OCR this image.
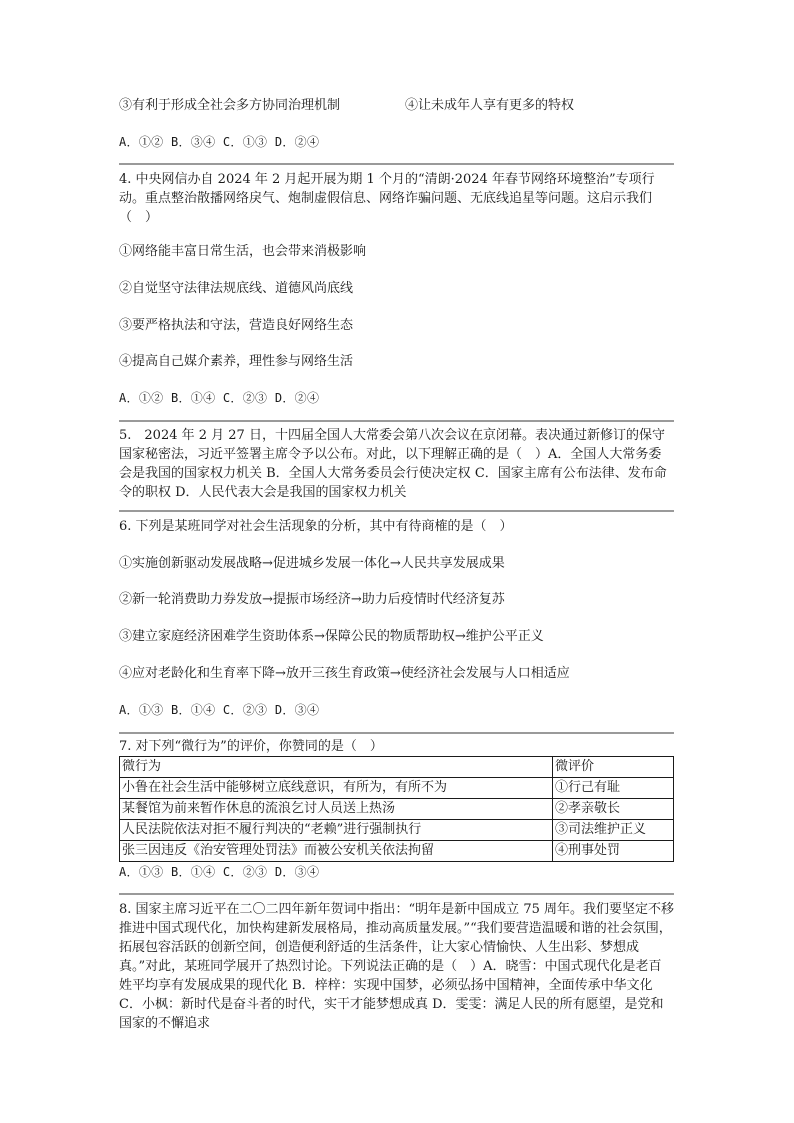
③有利于形成全社会多方协同治理机制	④让未成年人享有更多的特权
A．①② B．③④ C．①③ D．②④
4. 中央网信办自 2024 年 2 月起开展为期 1 个月的“清朗·2024 年春节网络环境整治”专项行动。重点整治散播网络戾气、炮制虚假信息、网络诈骗问题、无底线追星等问题。这启示我们（　）
①网络能丰富日常生活，也会带来消极影响
②自觉坚守法律法规底线、道德风尚底线
③要严格执法和守法，营造良好网络生态
④提高自己媒介素养，理性参与网络生活
A．①② B．①④ C．②③ D．②④
5.　2024 年 2 月 27 日，十四届全国人大常委会第八次会议在京闭幕。表决通过新修订的保守国家秘密法，习近平签署主席令予以公布。对此，以下理解正确的是（　）A．全国人大常务委会是我国的国家权力机关 B．全国人大常务委员会行使决定权 C．国家主席有公布法律、发布命令的职权 D．人民代表大会是我国的国家权力机关
6. 下列是某班同学对社会生活现象的分析，其中有待商榷的是（　）
①实施创新驱动发展战略→促进城乡发展一体化→人民共享发展成果
②新一轮消费助力券发放→提振市场经济→助力后疫情时代经济复苏
③建立家庭经济困难学生资助体系→保障公民的物质帮助权→维护公平正义
④应对老龄化和生育率下降→放开三孩生育政策→使经济社会发展与人口相适应
A．①③ B．①④ C．②③ D．③④
7. 对下列“微行为”的评价，你赞同的是（　）
微行为	微评价
小鲁在社会生活中能够树立底线意识，有所为，有所不为	①行己有耻
某餐馆为前来暂作休息的流浪乞讨人员送上热汤	②孝亲敬长
人民法院依法对拒不履行判决的“老赖”进行强制执行	③司法维护正义
张三因违反《治安管理处罚法》而被公安机关依法拘留	④刑事处罚
A．①③ B．①④ C．②③ D．③④
8. 国家主席习近平在二〇二四年新年贺词中指出：“明年是新中国成立 75 周年。我们要坚定不移推进中国式现代化，加快构建新发展格局，推动高质量发展。”“我们要营造温暖和谐的社会氛围，拓展包容活跃的创新空间，创造便利舒适的生活条件，让大家心情愉快、人生出彩、梦想成真。”对此，某班同学展开了热烈讨论。下列说法正确的是（　）A．晓雪：中国式现代化是老百姓平均享有发展成果的现代化 B．梓梓：实现中国梦，必须弘扬中国精神，全面传承中华文化 C．小枫：新时代是奋斗者的时代，实干才能梦想成真 D．雯雯：满足人民的所有愿望，是党和国家的不懈追求
